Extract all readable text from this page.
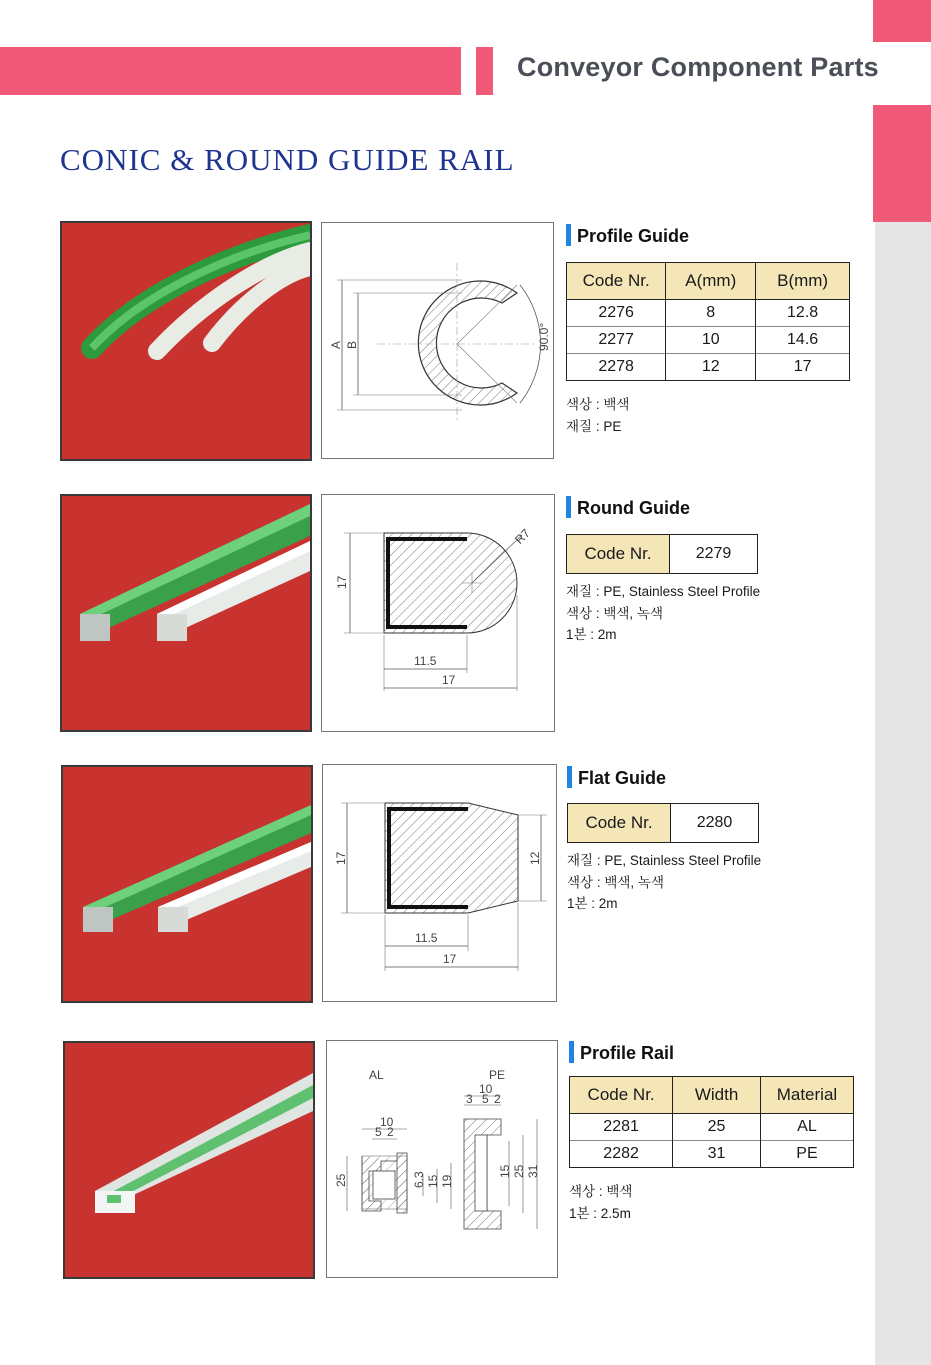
Conveyor Component Parts
CONIC & ROUND GUIDE RAIL
A B	90.0°
Profile Guide
Code Nr.	A(mm)	B(mm)
2276	8	12.8
2277	10	14.6
2278	12	17
색상 : 백색
재질 : PE
R7
17
11.5
17
Round Guide
Code Nr.	2279
재질 : PE, Stainless Steel Profile
색상 : 백색, 녹색
1본 : 2m
17	12
11.5
17
Flat Guide
Code Nr.	2280
재질 : PE, Stainless Steel Profile
색상 : 백색, 녹색
1본 : 2m
AL	PE
10
5 2
25	6.3 15 19
10
3 5 2
15 25 31
Profile Rail
Code Nr.	Width	Material
2281	25	AL
2282	31	PE
색상 : 백색
1본 : 2.5m
